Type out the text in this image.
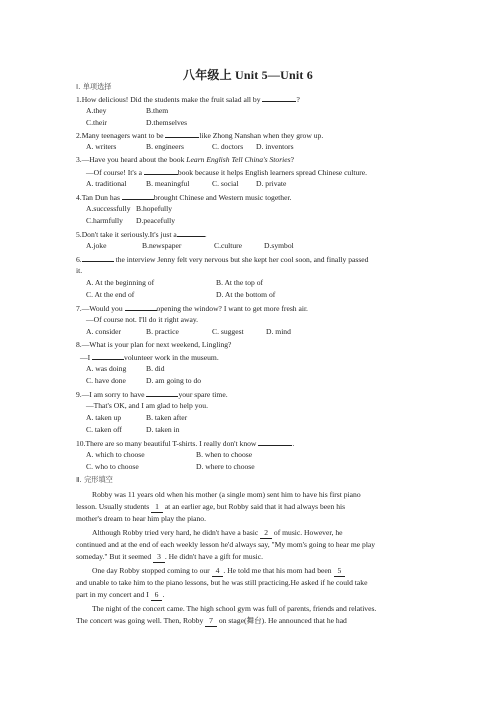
八年级上 Unit 5—Unit 6
Ⅰ. 单项选择
1.How delicious! Did the students make the fruit salad all by	?
A.they	B.them
C.their	D.themselves
2.Many teenagers want to be	like Zhong Nanshan when they grow up.
A. writers	B. engineers	C. doctors D. inventors
3.—Have you heard about the book Learn English Tell China's Stories?
—Of course! It's a	book because it helps English learners spread Chinese culture.
A. traditional	B. meaningful	C. social D. private
4.Tan Dun has	brought Chinese and Western music together.
A.successfully B.hopefully
C.harmfully D.peacefully
5.Don't take it seriously.It's just a	.
A.joke	B.newspaper	C.culture	D.symbol
6.	the interview Jenny felt very nervous but she kept her cool soon, and finally passed
it.
A. At the beginning of	B. At the top of
C. At the end of	D. At the bottom of
7.—Would you	opening the window? I want to get more fresh air.
—Of course not. I'll do it right away.
A. consider	B. practice	C. suggest	D. mind
8.—What is your plan for next weekend, Lingling?
—I	volunteer work in the museum.
A. was doing	B. did
C. have done	D. am going to do
9.—I am sorry to have	your spare time.
—That's OK, and I am glad to help you.
A. taken up	B. taken after
C. taken off	D. taken in
10.There are so many beautiful T-shirts. I really don't know	.
A. which to choose	B. when to choose
C. who to choose	D. where to choose
Ⅱ. 完形填空
Robby was 11 years old when his mother (a single mom) sent him to have his first piano
lesson. Usually students 1 at an earlier age, but Robby said that it had always been his
mother's dream to hear him play the piano.
Although Robby tried very hard, he didn't have a basic 2 of music. However, he
continued and at the end of each weekly lesson he'd always say, "My mom's going to hear me play
someday." But it seemed 3 . He didn't have a gift for music.
One day Robby stopped coming to our 4 . He told me that his mom had been 5
and unable to take him to the piano lessons, but he was still practicing.He asked if he could take
part in my concert and I 6 .
The night of the concert came. The high school gym was full of parents, friends and relatives.
The concert was going well. Then, Robby 7 on stage(舞台). He announced that he had
